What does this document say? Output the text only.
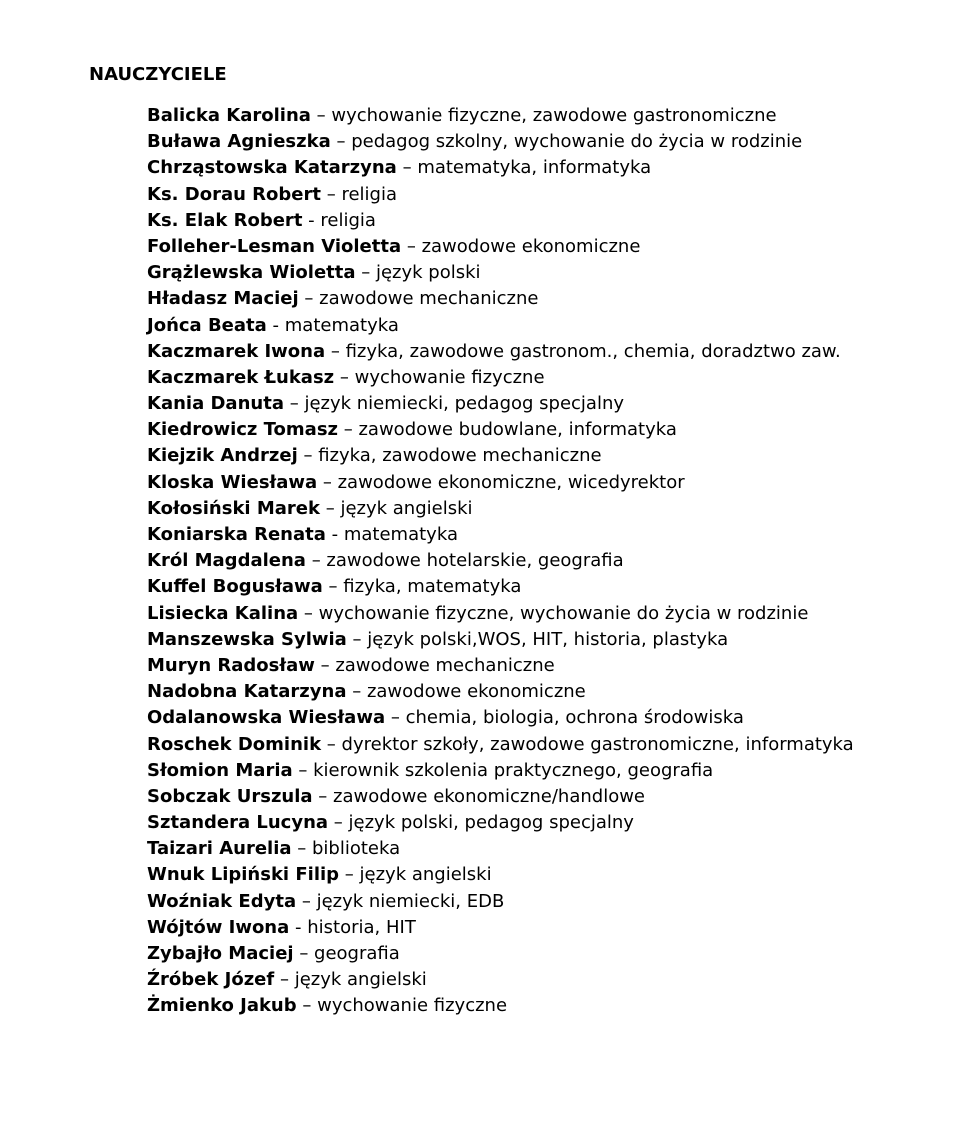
NAUCZYCIELE
Balicka Karolina – wychowanie fizyczne, zawodowe gastronomiczne
Buława Agnieszka – pedagog szkolny, wychowanie do życia w rodzinie
Chrząstowska Katarzyna – matematyka, informatyka
Ks. Dorau Robert – religia
Ks. Elak Robert - religia
Folleher-Lesman Violetta – zawodowe ekonomiczne
Grążlewska Wioletta – język polski
Hładasz Maciej – zawodowe mechaniczne
Jońca Beata - matematyka
Kaczmarek Iwona – fizyka, zawodowe gastronom., chemia, doradztwo zaw.
Kaczmarek Łukasz – wychowanie fizyczne
Kania Danuta – język niemiecki, pedagog specjalny
Kiedrowicz Tomasz – zawodowe budowlane, informatyka
Kiejzik Andrzej – fizyka, zawodowe mechaniczne
Kloska Wiesława – zawodowe ekonomiczne, wicedyrektor
Kołosiński Marek – język angielski
Koniarska Renata - matematyka
Król Magdalena – zawodowe hotelarskie, geografia
Kuffel Bogusława – fizyka, matematyka
Lisiecka Kalina – wychowanie fizyczne, wychowanie do życia w rodzinie
Manszewska Sylwia – język polski,WOS, HIT, historia, plastyka
Muryn Radosław – zawodowe mechaniczne
Nadobna Katarzyna – zawodowe ekonomiczne
Odalanowska Wiesława – chemia, biologia, ochrona środowiska
Roschek Dominik – dyrektor szkoły, zawodowe gastronomiczne, informatyka
Słomion Maria – kierownik szkolenia praktycznego, geografia
Sobczak Urszula – zawodowe ekonomiczne/handlowe
Sztandera Lucyna – język polski, pedagog specjalny
Taizari Aurelia – biblioteka
Wnuk Lipiński Filip – język angielski
Woźniak Edyta – język niemiecki, EDB
Wójtów Iwona - historia, HIT
Zybajło Maciej – geografia
Źróbek Józef – język angielski
Żmienko Jakub – wychowanie fizyczne
